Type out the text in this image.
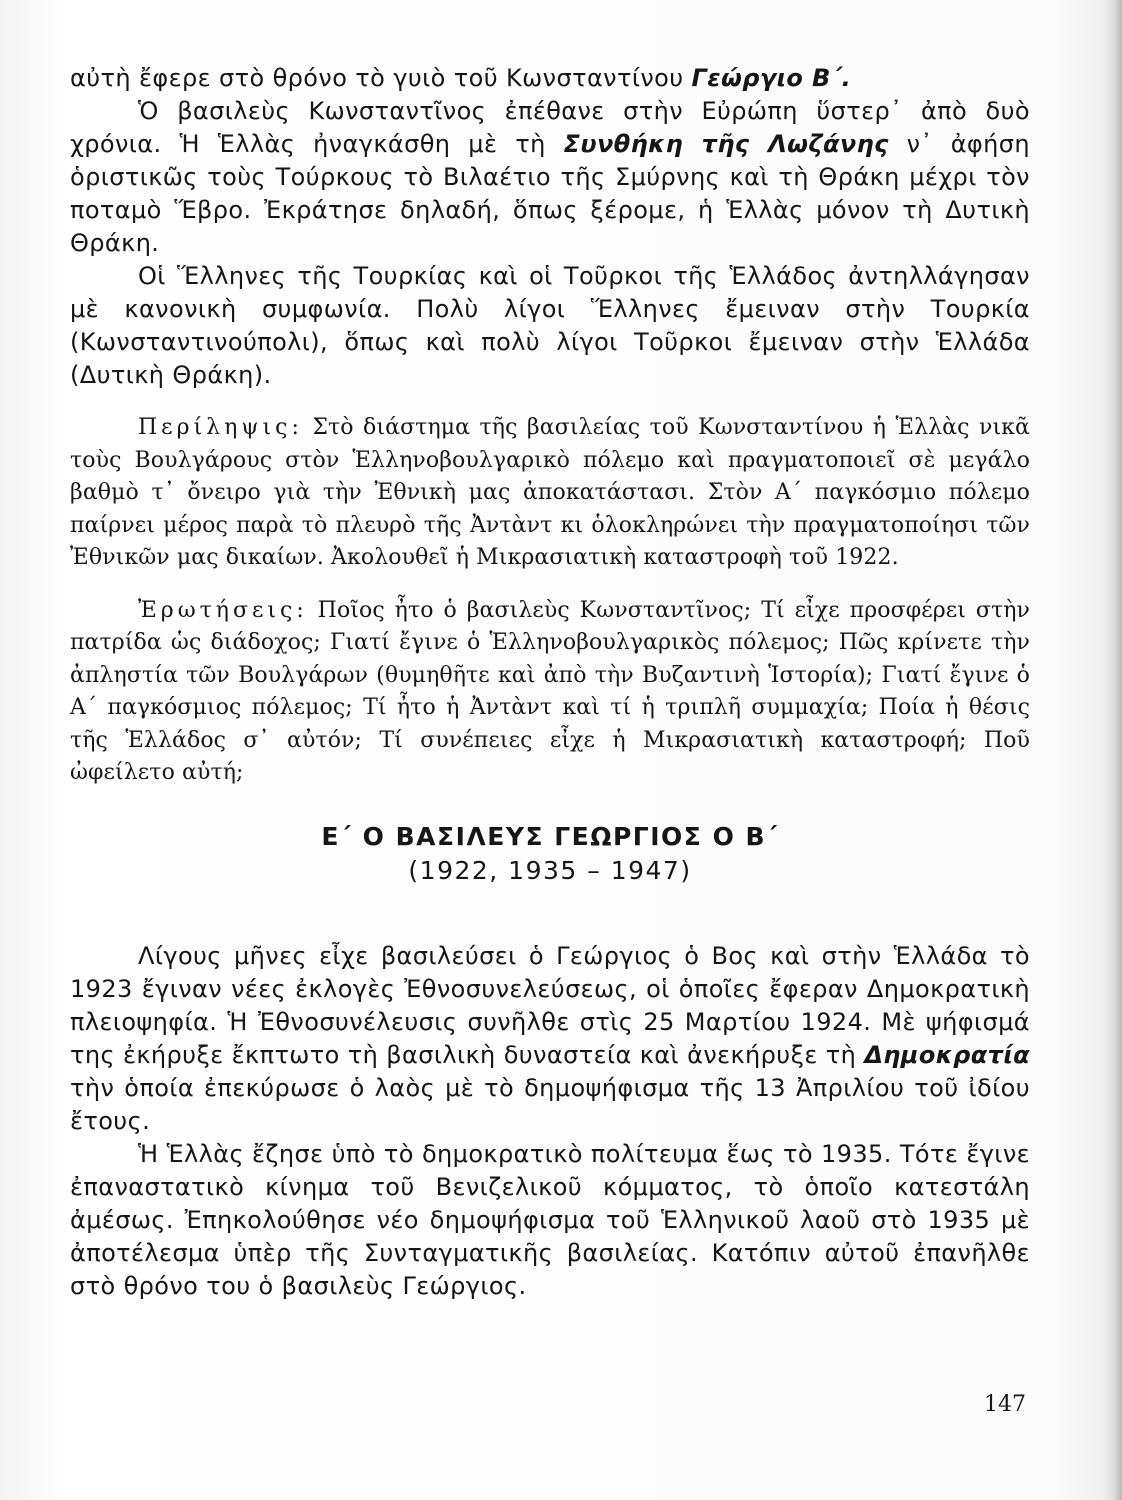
αὐτὴ ἔφερε στὸ θρόνο τὸ γυιὸ τοῦ Κωνσταντίνου Γεώργιο Β΄.

Ὁ βασιλεὺς Κωνσταντῖνος ἐπέθανε στὴν Εὐρώπη ὕστερ᾽ ἀπὸ δυὸ χρόνια. Ἡ Ἑλλὰς ἠναγκάσθη μὲ τὴ Συνθήκη τῆς Λωζάνης ν᾽ ἀφήση ὁριστικῶς τοὺς Τούρκους τὸ Βιλαέτιο τῆς Σμύρνης καὶ τὴ Θράκη μέχρι τὸν ποταμὸ Ἕβρο. Ἐκράτησε δηλαδή, ὅπως ξέρομε, ἡ Ἑλλὰς μόνον τὴ Δυτικὴ Θράκη.

Οἱ Ἕλληνες τῆς Τουρκίας καὶ οἱ Τοῦρκοι τῆς Ἑλλάδος ἀντηλλάγησαν μὲ κανονικὴ συμφωνία. Πολὺ λίγοι Ἕλληνες ἔμειναν στὴν Τουρκία (Κωνσταντινούπολι), ὅπως καὶ πολὺ λίγοι Τοῦρκοι ἔμειναν στὴν Ἑλλάδα (Δυτικὴ Θράκη).

Περίληψις: Στὸ διάστημα τῆς βασιλείας τοῦ Κωνσταντίνου ἡ Ἑλλὰς νικᾶ τοὺς Βουλγάρους στὸν Ἑλληνοβουλγαρικὸ πόλεμο καὶ πραγματοποιεῖ σὲ μεγάλο βαθμὸ τ᾽ ὄνειρο γιὰ τὴν Ἐθνικὴ μας ἀποκατάστασι. Στὸν Α΄ παγκόσμιο πόλεμο παίρνει μέρος παρὰ τὸ πλευρὸ τῆς Ἀντὰντ κι ὁλοκληρώνει τὴν πραγματοποίησι τῶν Ἐθνικῶν μας δικαίων. Ἀκολουθεῖ ἡ Μικρασιατικὴ καταστροφὴ τοῦ 1922.

Ἐρωτήσεις: Ποῖος ἦτο ὁ βασιλεὺς Κωνσταντῖνος; Τί εἶχε προσφέρει στὴν πατρίδα ὡς διάδοχος; Γιατί ἔγινε ὁ Ἑλληνοβουλγαρικὸς πόλεμος; Πῶς κρίνετε τὴν ἀπληστία τῶν Βουλγάρων (θυμηθῆτε καὶ ἀπὸ τὴν Βυζαντινὴ Ἱστορία); Γιατί ἔγινε ὁ Α΄ παγκόσμιος πόλεμος; Τί ἦτο ἡ Ἀντὰντ καὶ τί ἡ τριπλῆ συμμαχία; Ποία ἡ θέσις τῆς Ἑλλάδος σ᾽ αὐτόν; Τί συνέπειες εἶχε ἡ Μικρασιατικὴ καταστροφή; Ποῦ ὠφείλετο αὐτή;

Ε΄ Ο ΒΑΣΙΛΕΥΣ ΓΕΩΡΓΙΟΣ Ο Β΄
(1922, 1935 – 1947)

Λίγους μῆνες εἶχε βασιλεύσει ὁ Γεώργιος ὁ Βος καὶ στὴν Ἑλλάδα τὸ 1923 ἔγιναν νέες ἐκλογὲς Ἐθνοσυνελεύσεως, οἱ ὁποῖες ἔφεραν Δημοκρατικὴ πλειοψηφία. Ἡ Ἐθνοσυνέλευσις συνῆλθε στὶς 25 Μαρτίου 1924. Μὲ ψήφισμά της ἐκήρυξε ἔκπτωτο τὴ βασιλικὴ δυναστεία καὶ ἀνεκήρυξε τὴ Δημοκρατία τὴν ὁποία ἐπεκύρωσε ὁ λαὸς μὲ τὸ δημοψήφισμα τῆς 13 Ἀπριλίου τοῦ ἰδίου ἔτους.

Ἡ Ἑλλὰς ἔζησε ὑπὸ τὸ δημοκρατικὸ πολίτευμα ἕως τὸ 1935. Τότε ἔγινε ἐπαναστατικὸ κίνημα τοῦ Βενιζελικοῦ κόμματος, τὸ ὁποῖο κατεστάλη ἀμέσως. Ἐπηκολούθησε νέο δημοψήφισμα τοῦ Ἑλληνικοῦ λαοῦ στὸ 1935 μὲ ἀποτέλεσμα ὑπὲρ τῆς Συνταγματικῆς βασιλείας. Κατόπιν αὐτοῦ ἐπανῆλθε στὸ θρόνο του ὁ βασιλεὺς Γεώργιος.

147
